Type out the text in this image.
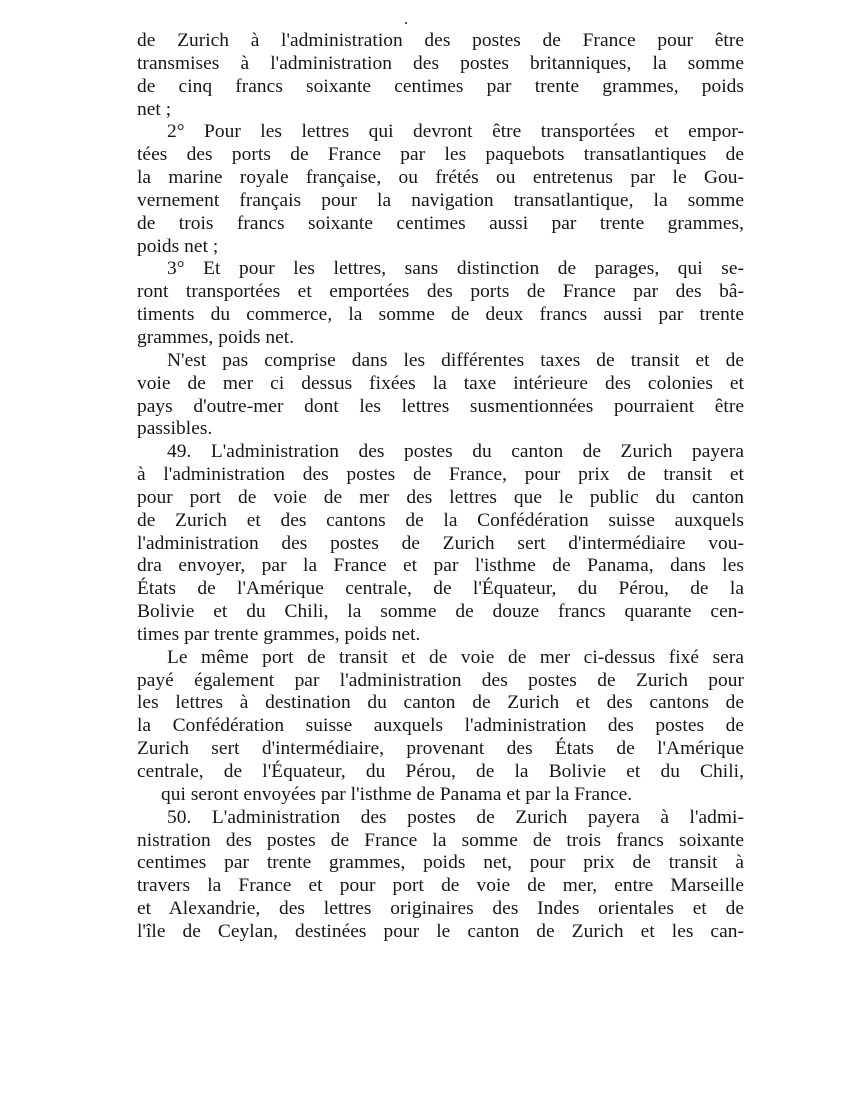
de Zurich à l'administration des postes de France pour être
transmises à l'administration des postes britanniques, la somme
de cinq francs soixante centimes par trente grammes, poids
net ;
2° Pour les lettres qui devront être transportées et empor-
tées des ports de France par les paquebots transatlantiques de
la marine royale française, ou frétés ou entretenus par le Gou-
vernement français pour la navigation transatlantique, la somme
de trois francs soixante centimes aussi par trente grammes,
poids net ;
3° Et pour les lettres, sans distinction de parages, qui se-
ront transportées et emportées des ports de France par des bâ-
timents du commerce, la somme de deux francs aussi par trente
grammes, poids net.
N'est pas comprise dans les différentes taxes de transit et de
voie de mer ci dessus fixées la taxe intérieure des colonies et
pays d'outre-mer dont les lettres susmentionnées pourraient être
passibles.
49. L'administration des postes du canton de Zurich payera
à l'administration des postes de France, pour prix de transit et
pour port de voie de mer des lettres que le public du canton
de Zurich et des cantons de la Confédération suisse auxquels
l'administration des postes de Zurich sert d'intermédiaire vou-
dra envoyer, par la France et par l'isthme de Panama, dans les
États de l'Amérique centrale, de l'Équateur, du Pérou, de la
Bolivie et du Chili, la somme de douze francs quarante cen-
times par trente grammes, poids net.
Le même port de transit et de voie de mer ci-dessus fixé sera
payé également par l'administration des postes de Zurich pour
les lettres à destination du canton de Zurich et des cantons de
la Confédération suisse auxquels l'administration des postes de
Zurich sert d'intermédiaire, provenant des États de l'Amérique
centrale, de l'Équateur, du Pérou, de la Bolivie et du Chili,
qui seront envoyées par l'isthme de Panama et par la France.
50. L'administration des postes de Zurich payera à l'admi-
nistration des postes de France la somme de trois francs soixante
centimes par trente grammes, poids net, pour prix de transit à
travers la France et pour port de voie de mer, entre Marseille
et Alexandrie, des lettres originaires des Indes orientales et de
l'île de Ceylan, destinées pour le canton de Zurich et les can-
